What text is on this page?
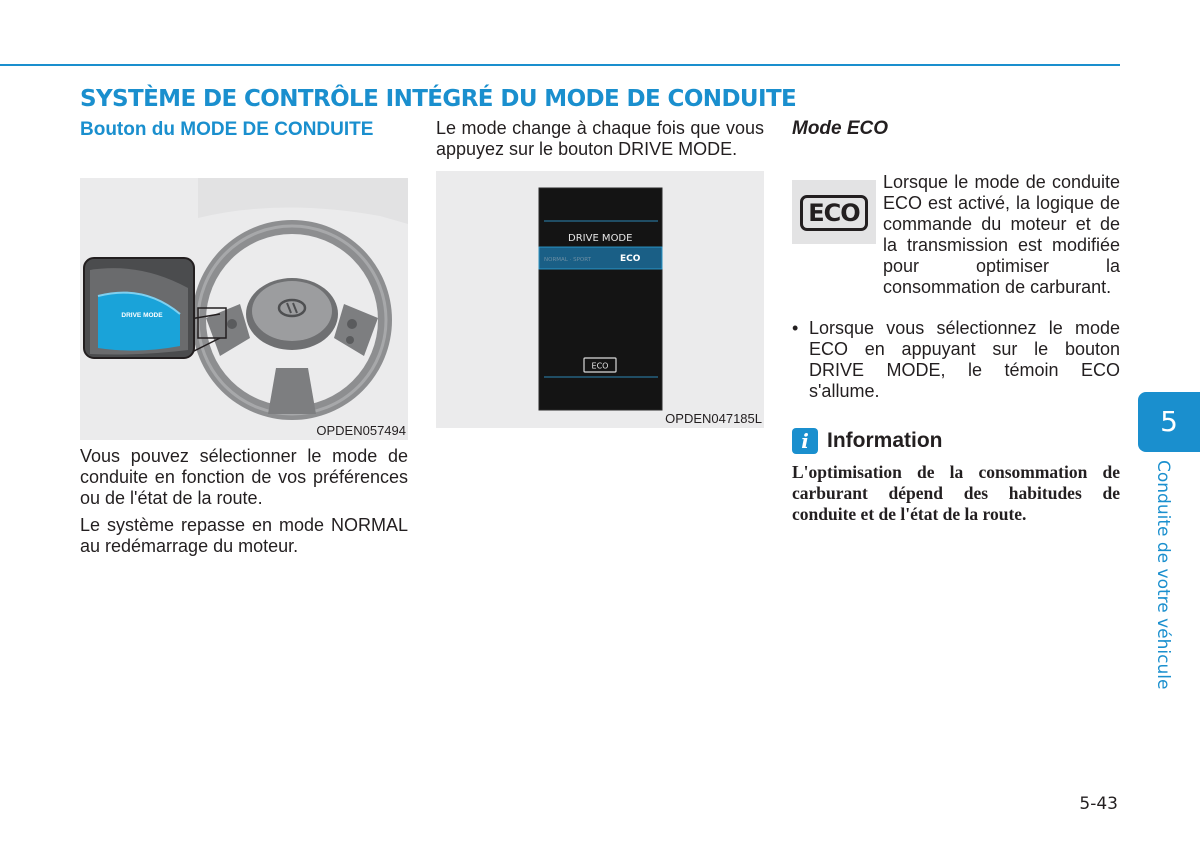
SYSTÈME DE CONTRÔLE INTÉGRÉ DU MODE DE CONDUITE
Bouton du MODE DE CONDUITE
DRIVE MODE
OPDEN057494

Vous pouvez sélectionner le mode de conduite en fonction de vos préférences ou de l'état de la route.

Le système repasse en mode NORMAL au redémarrage du moteur.

Le mode change à chaque fois que vous appuyez sur le bouton DRIVE MODE.

DRIVE MODE
NORMAL · SPORT	ECO
ECO
OPDEN047185L
Mode ECO
ECO

Lorsque le mode de conduite ECO est activé, la logique de commande du moteur et de la transmission est modifiée pour optimiser la consommation de carburant.

• Lorsque vous sélectionnez le mode ECO en appuyant sur le bouton DRIVE MODE, le témoin ECO s'allume.
i Information

L'optimisation de la consommation de carburant dépend des habitudes de conduite et de l'état de la route.

5
Conduite de votre véhicule
5-43
